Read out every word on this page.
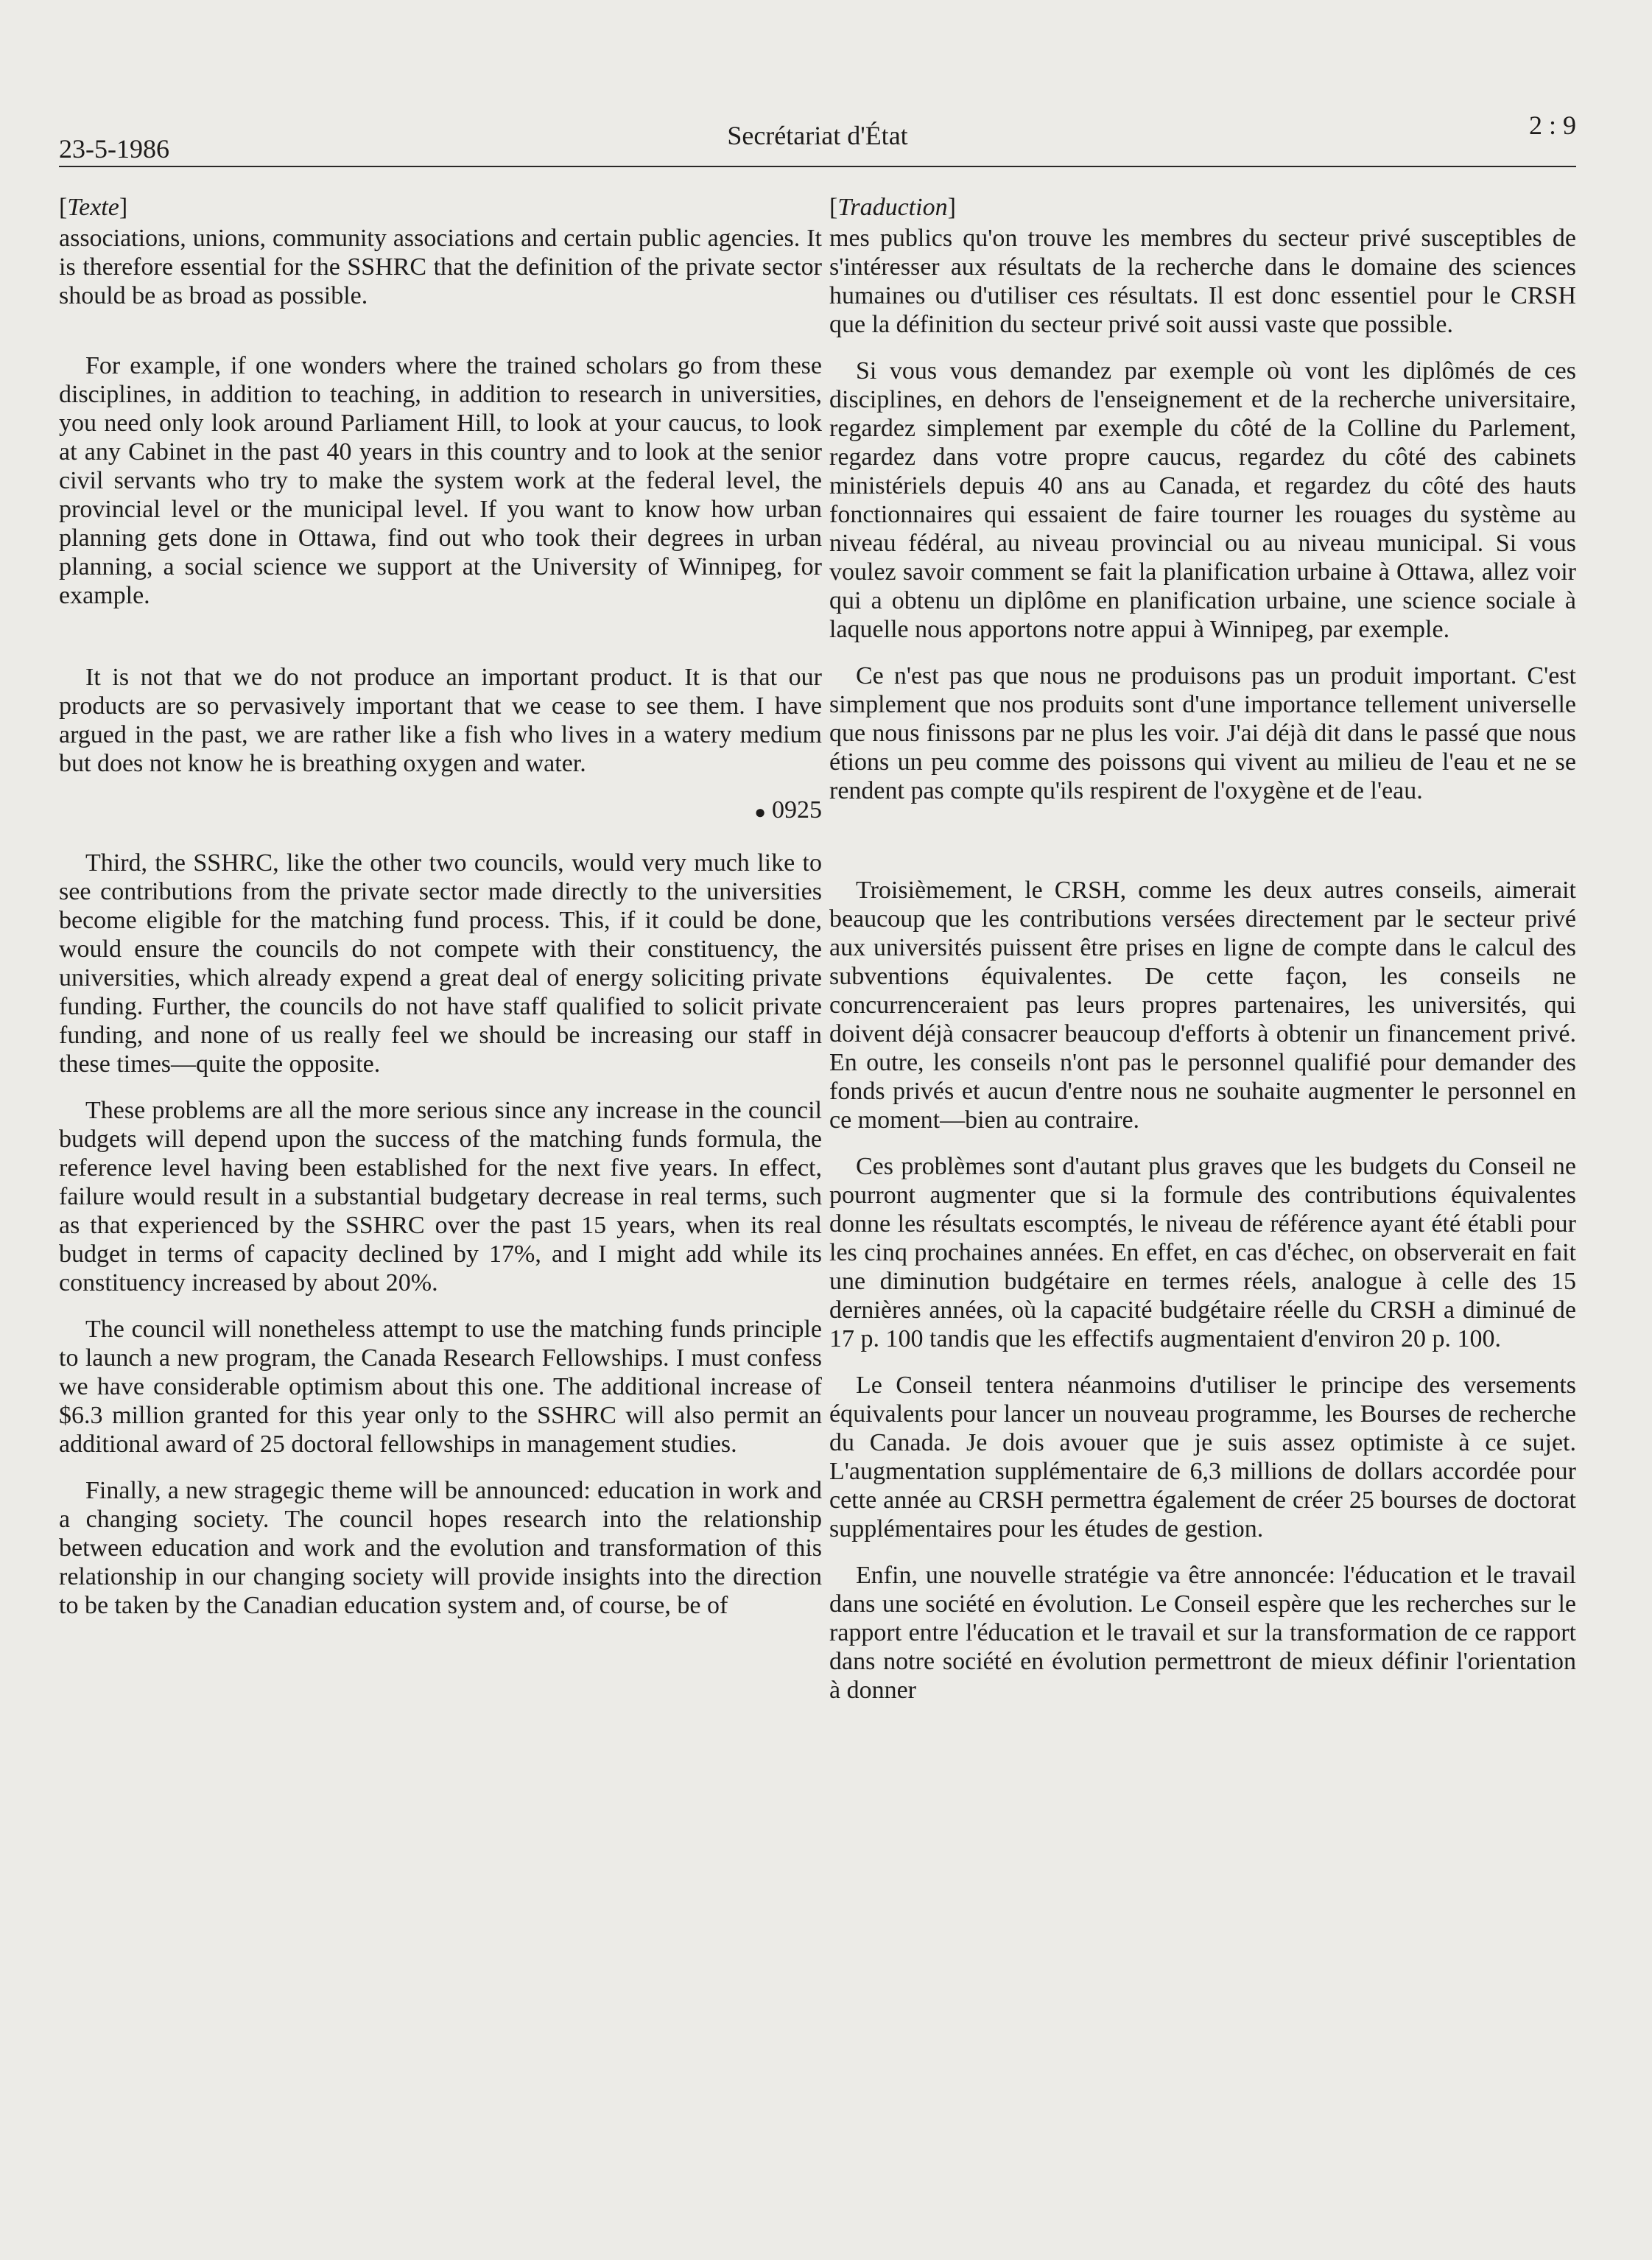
23-5-1986	Secrétariat d'État	2 : 9
[Texte]

associations, unions, community associations and certain public agencies. It is therefore essential for the SSHRC that the definition of the private sector should be as broad as possible.

For example, if one wonders where the trained scholars go from these disciplines, in addition to teaching, in addition to research in universities, you need only look around Parliament Hill, to look at your caucus, to look at any Cabinet in the past 40 years in this country and to look at the senior civil servants who try to make the system work at the federal level, the provincial level or the municipal level. If you want to know how urban planning gets done in Ottawa, find out who took their degrees in urban planning, a social science we support at the University of Winnipeg, for example.

It is not that we do not produce an important product. It is that our products are so pervasively important that we cease to see them. I have argued in the past, we are rather like a fish who lives in a watery medium but does not know he is breathing oxygen and water.

● 0925

Third, the SSHRC, like the other two councils, would very much like to see contributions from the private sector made directly to the universities become eligible for the matching fund process. This, if it could be done, would ensure the councils do not compete with their constituency, the universities, which already expend a great deal of energy soliciting private funding. Further, the councils do not have staff qualified to solicit private funding, and none of us really feel we should be increasing our staff in these times—quite the opposite.

These problems are all the more serious since any increase in the council budgets will depend upon the success of the matching funds formula, the reference level having been established for the next five years. In effect, failure would result in a substantial budgetary decrease in real terms, such as that experienced by the SSHRC over the past 15 years, when its real budget in terms of capacity declined by 17%, and I might add while its constituency increased by about 20%.

The council will nonetheless attempt to use the matching funds principle to launch a new program, the Canada Research Fellowships. I must confess we have considerable optimism about this one. The additional increase of $6.3 million granted for this year only to the SSHRC will also permit an additional award of 25 doctoral fellowships in management studies.

Finally, a new stragegic theme will be announced: education in work and a changing society. The council hopes research into the relationship between education and work and the evolution and transformation of this relationship in our changing society will provide insights into the direction to be taken by the Canadian education system and, of course, be of

[Traduction]

mes publics qu'on trouve les membres du secteur privé susceptibles de s'intéresser aux résultats de la recherche dans le domaine des sciences humaines ou d'utiliser ces résultats. Il est donc essentiel pour le CRSH que la définition du secteur privé soit aussi vaste que possible.

Si vous vous demandez par exemple où vont les diplômés de ces disciplines, en dehors de l'enseignement et de la recherche universitaire, regardez simplement par exemple du côté de la Colline du Parlement, regardez dans votre propre caucus, regardez du côté des cabinets ministériels depuis 40 ans au Canada, et regardez du côté des hauts fonctionnaires qui essaient de faire tourner les rouages du système au niveau fédéral, au niveau provincial ou au niveau municipal. Si vous voulez savoir comment se fait la planification urbaine à Ottawa, allez voir qui a obtenu un diplôme en planification urbaine, une science sociale à laquelle nous apportons notre appui à Winnipeg, par exemple.

Ce n'est pas que nous ne produisons pas un produit important. C'est simplement que nos produits sont d'une importance tellement universelle que nous finissons par ne plus les voir. J'ai déjà dit dans le passé que nous étions un peu comme des poissons qui vivent au milieu de l'eau et ne se rendent pas compte qu'ils respirent de l'oxygène et de l'eau.

Troisièmement, le CRSH, comme les deux autres conseils, aimerait beaucoup que les contributions versées directement par le secteur privé aux universités puissent être prises en ligne de compte dans le calcul des subventions équivalentes. De cette façon, les conseils ne concurrenceraient pas leurs propres partenaires, les universités, qui doivent déjà consacrer beaucoup d'efforts à obtenir un financement privé. En outre, les conseils n'ont pas le personnel qualifié pour demander des fonds privés et aucun d'entre nous ne souhaite augmenter le personnel en ce moment—bien au contraire.

Ces problèmes sont d'autant plus graves que les budgets du Conseil ne pourront augmenter que si la formule des contributions équivalentes donne les résultats escomptés, le niveau de référence ayant été établi pour les cinq prochaines années. En effet, en cas d'échec, on observerait en fait une diminution budgétaire en termes réels, analogue à celle des 15 dernières années, où la capacité budgétaire réelle du CRSH a diminué de 17 p. 100 tandis que les effectifs augmentaient d'environ 20 p. 100.

Le Conseil tentera néanmoins d'utiliser le principe des versements équivalents pour lancer un nouveau programme, les Bourses de recherche du Canada. Je dois avouer que je suis assez optimiste à ce sujet. L'augmentation supplémentaire de 6,3 millions de dollars accordée pour cette année au CRSH permettra également de créer 25 bourses de doctorat supplémentaires pour les études de gestion.

Enfin, une nouvelle stratégie va être annoncée: l'éducation et le travail dans une société en évolution. Le Conseil espère que les recherches sur le rapport entre l'éducation et le travail et sur la transformation de ce rapport dans notre société en évolution permettront de mieux définir l'orientation à donner
